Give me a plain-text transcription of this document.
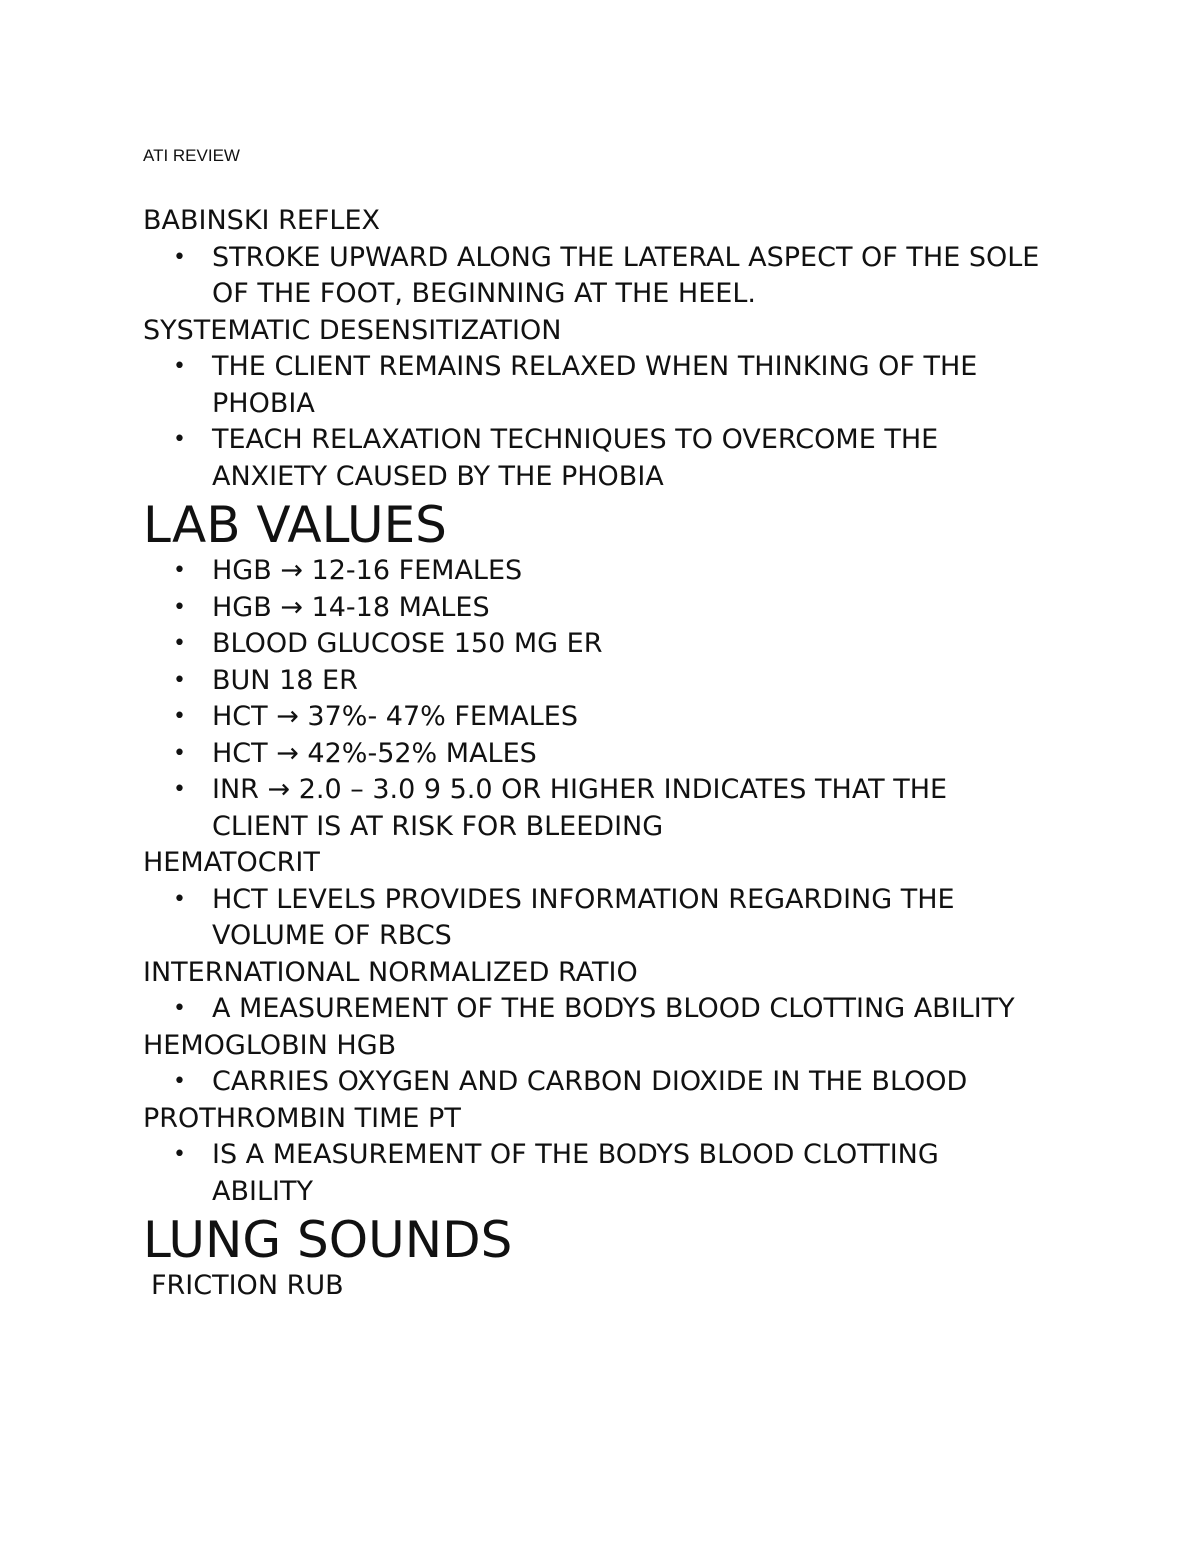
ATI REVIEW

BABINSKI REFLEX

• STROKE UPWARD ALONG THE LATERAL ASPECT OF THE SOLE OF THE FOOT, BEGINNING AT THE HEEL.

SYSTEMATIC DESENSITIZATION

• THE CLIENT REMAINS RELAXED WHEN THINKING OF THE PHOBIA
• TEACH RELAXATION TECHNIQUES TO OVERCOME THE ANXIETY CAUSED BY THE PHOBIA

LAB VALUES

• HGB → 12-16 FEMALES
• HGB → 14-18 MALES
• BLOOD GLUCOSE 150 MG ER
• BUN 18 ER
• HCT → 37%- 47% FEMALES
• HCT → 42%-52% MALES
• INR → 2.0 – 3.0 9 5.0 OR HIGHER INDICATES THAT THE CLIENT IS AT RISK FOR BLEEDING

HEMATOCRIT

• HCT LEVELS PROVIDES INFORMATION REGARDING THE VOLUME OF RBCS

INTERNATIONAL NORMALIZED RATIO

• A MEASUREMENT OF THE BODYS BLOOD CLOTTING ABILITY

HEMOGLOBIN HGB

• CARRIES OXYGEN AND CARBON DIOXIDE IN THE BLOOD

PROTHROMBIN TIME PT

• IS A MEASUREMENT OF THE BODYS BLOOD CLOTTING ABILITY

LUNG SOUNDS

FRICTION RUB
